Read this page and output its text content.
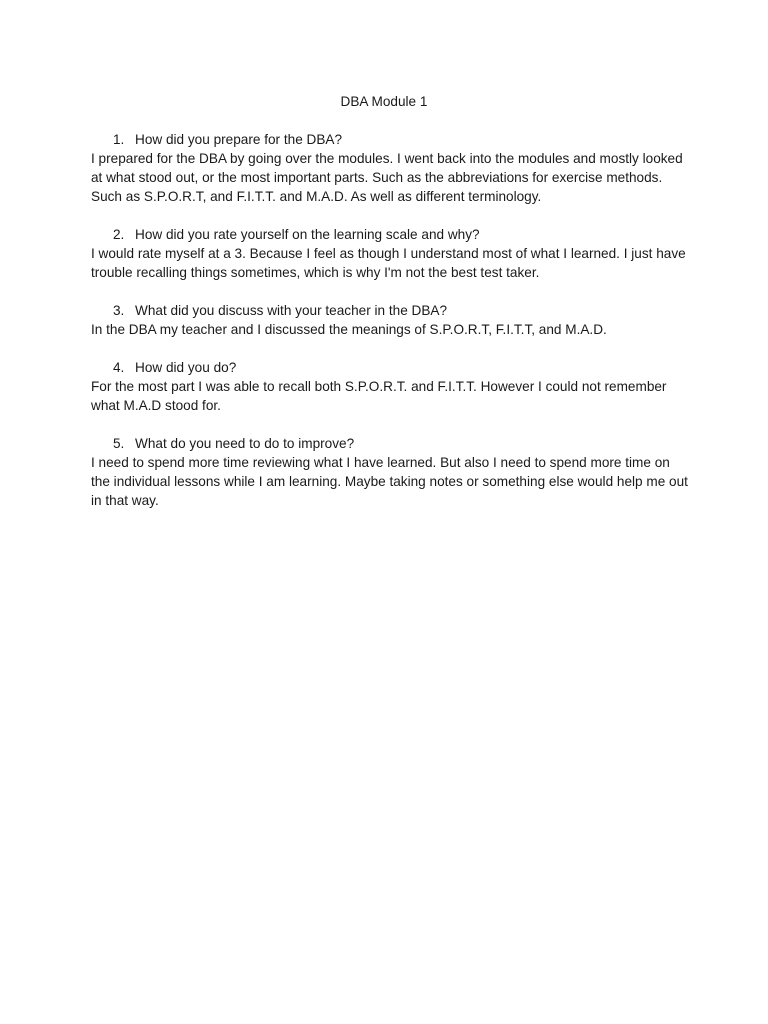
DBA Module 1
1. How did you prepare for the DBA?

I prepared for the DBA by going over the modules. I went back into the modules and mostly looked at what stood out, or the most important parts. Such as the abbreviations for exercise methods. Such as S.P.O.R.T, and F.I.T.T. and M.A.D. As well as different terminology.

2. How did you rate yourself on the learning scale and why?

I would rate myself at a 3. Because I feel as though I understand most of what I learned. I just have trouble recalling things sometimes, which is why I'm not the best test taker.

3. What did you discuss with your teacher in the DBA?

In the DBA my teacher and I discussed the meanings of S.P.O.R.T, F.I.T.T, and M.A.D.

4. How did you do?

For the most part I was able to recall both S.P.O.R.T. and F.I.T.T. However I could not remember what M.A.D stood for.

5. What do you need to do to improve?

I need to spend more time reviewing what I have learned. But also I need to spend more time on the individual lessons while I am learning. Maybe taking notes or something else would help me out in that way.
